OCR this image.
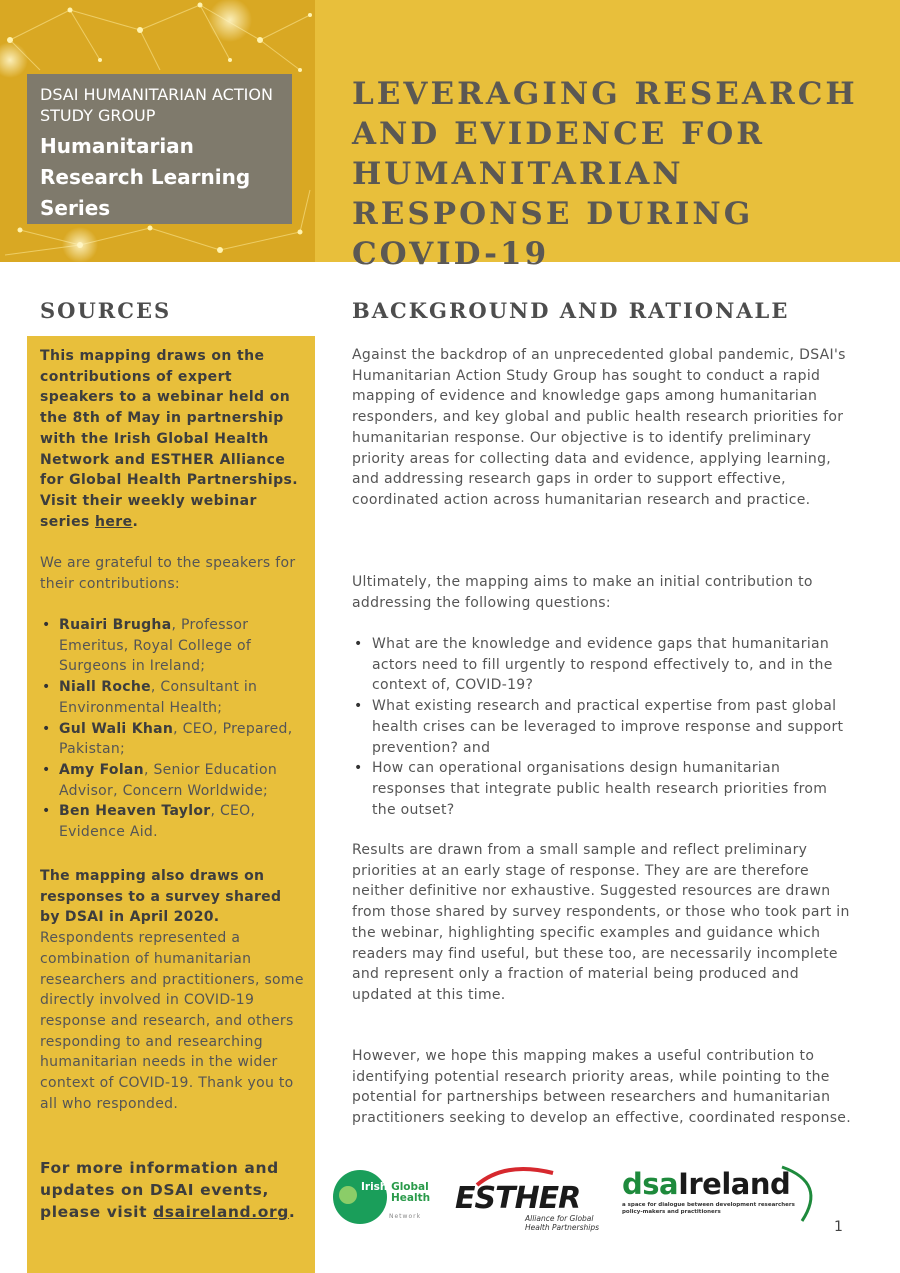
DSAI HUMANITARIAN ACTION STUDY GROUP
Humanitarian Research Learning Series
LEVERAGING RESEARCH AND EVIDENCE FOR HUMANITARIAN RESPONSE DURING COVID-19
SOURCES

This mapping draws on the contributions of expert speakers to a webinar held on the 8th of May in partnership with the Irish Global Health Network and ESTHER Alliance for Global Health Partnerships. Visit their weekly webinar series here.

We are grateful to the speakers for their contributions:

• Ruairi Brugha, Professor Emeritus, Royal College of Surgeons in Ireland;
• Niall Roche, Consultant in Environmental Health;
• Gul Wali Khan, CEO, Prepared, Pakistan;
• Amy Folan, Senior Education Advisor, Concern Worldwide;
• Ben Heaven Taylor, CEO, Evidence Aid.

The mapping also draws on responses to a survey shared by DSAI in April 2020. Respondents represented a combination of humanitarian researchers and practitioners, some directly involved in COVID-19 response and research, and others responding to and researching humanitarian needs in the wider context of COVID-19. Thank you to all who responded.

For more information and updates on DSAI events, please visit dsaireland.org.

BACKGROUND AND RATIONALE

Against the backdrop of an unprecedented global pandemic, DSAI's Humanitarian Action Study Group has sought to conduct a rapid mapping of evidence and knowledge gaps among humanitarian responders, and key global and public health research priorities for humanitarian response. Our objective is to identify preliminary priority areas for collecting data and evidence, applying learning, and addressing research gaps in order to support effective, coordinated action across humanitarian research and practice.

Ultimately, the mapping aims to make an initial contribution to addressing the following questions:

• What are the knowledge and evidence gaps that humanitarian actors need to fill urgently to respond effectively to, and in the context of, COVID-19?
• What existing research and practical expertise from past global health crises can be leveraged to improve response and support prevention? and
• How can operational organisations design humanitarian responses that integrate public health research priorities from the outset?

Results are drawn from a small sample and reflect preliminary priorities at an early stage of response. They are are therefore neither definitive nor exhaustive. Suggested resources are drawn from those shared by survey respondents, or those who took part in the webinar, highlighting specific examples and guidance which readers may find useful, but these too, are necessarily incomplete and represent only a fraction of material being produced and updated at this time.

However, we hope this mapping makes a useful contribution to identifying potential research priority areas, while pointing to the potential for partnerships between researchers and humanitarian practitioners seeking to develop an effective, coordinated response.

Irish Global
Health
Network
ESTHER
Alliance for Global Health Partnerships
dsaIreland
a space for dialogue between development researchers policy-makers and practitioners
1
